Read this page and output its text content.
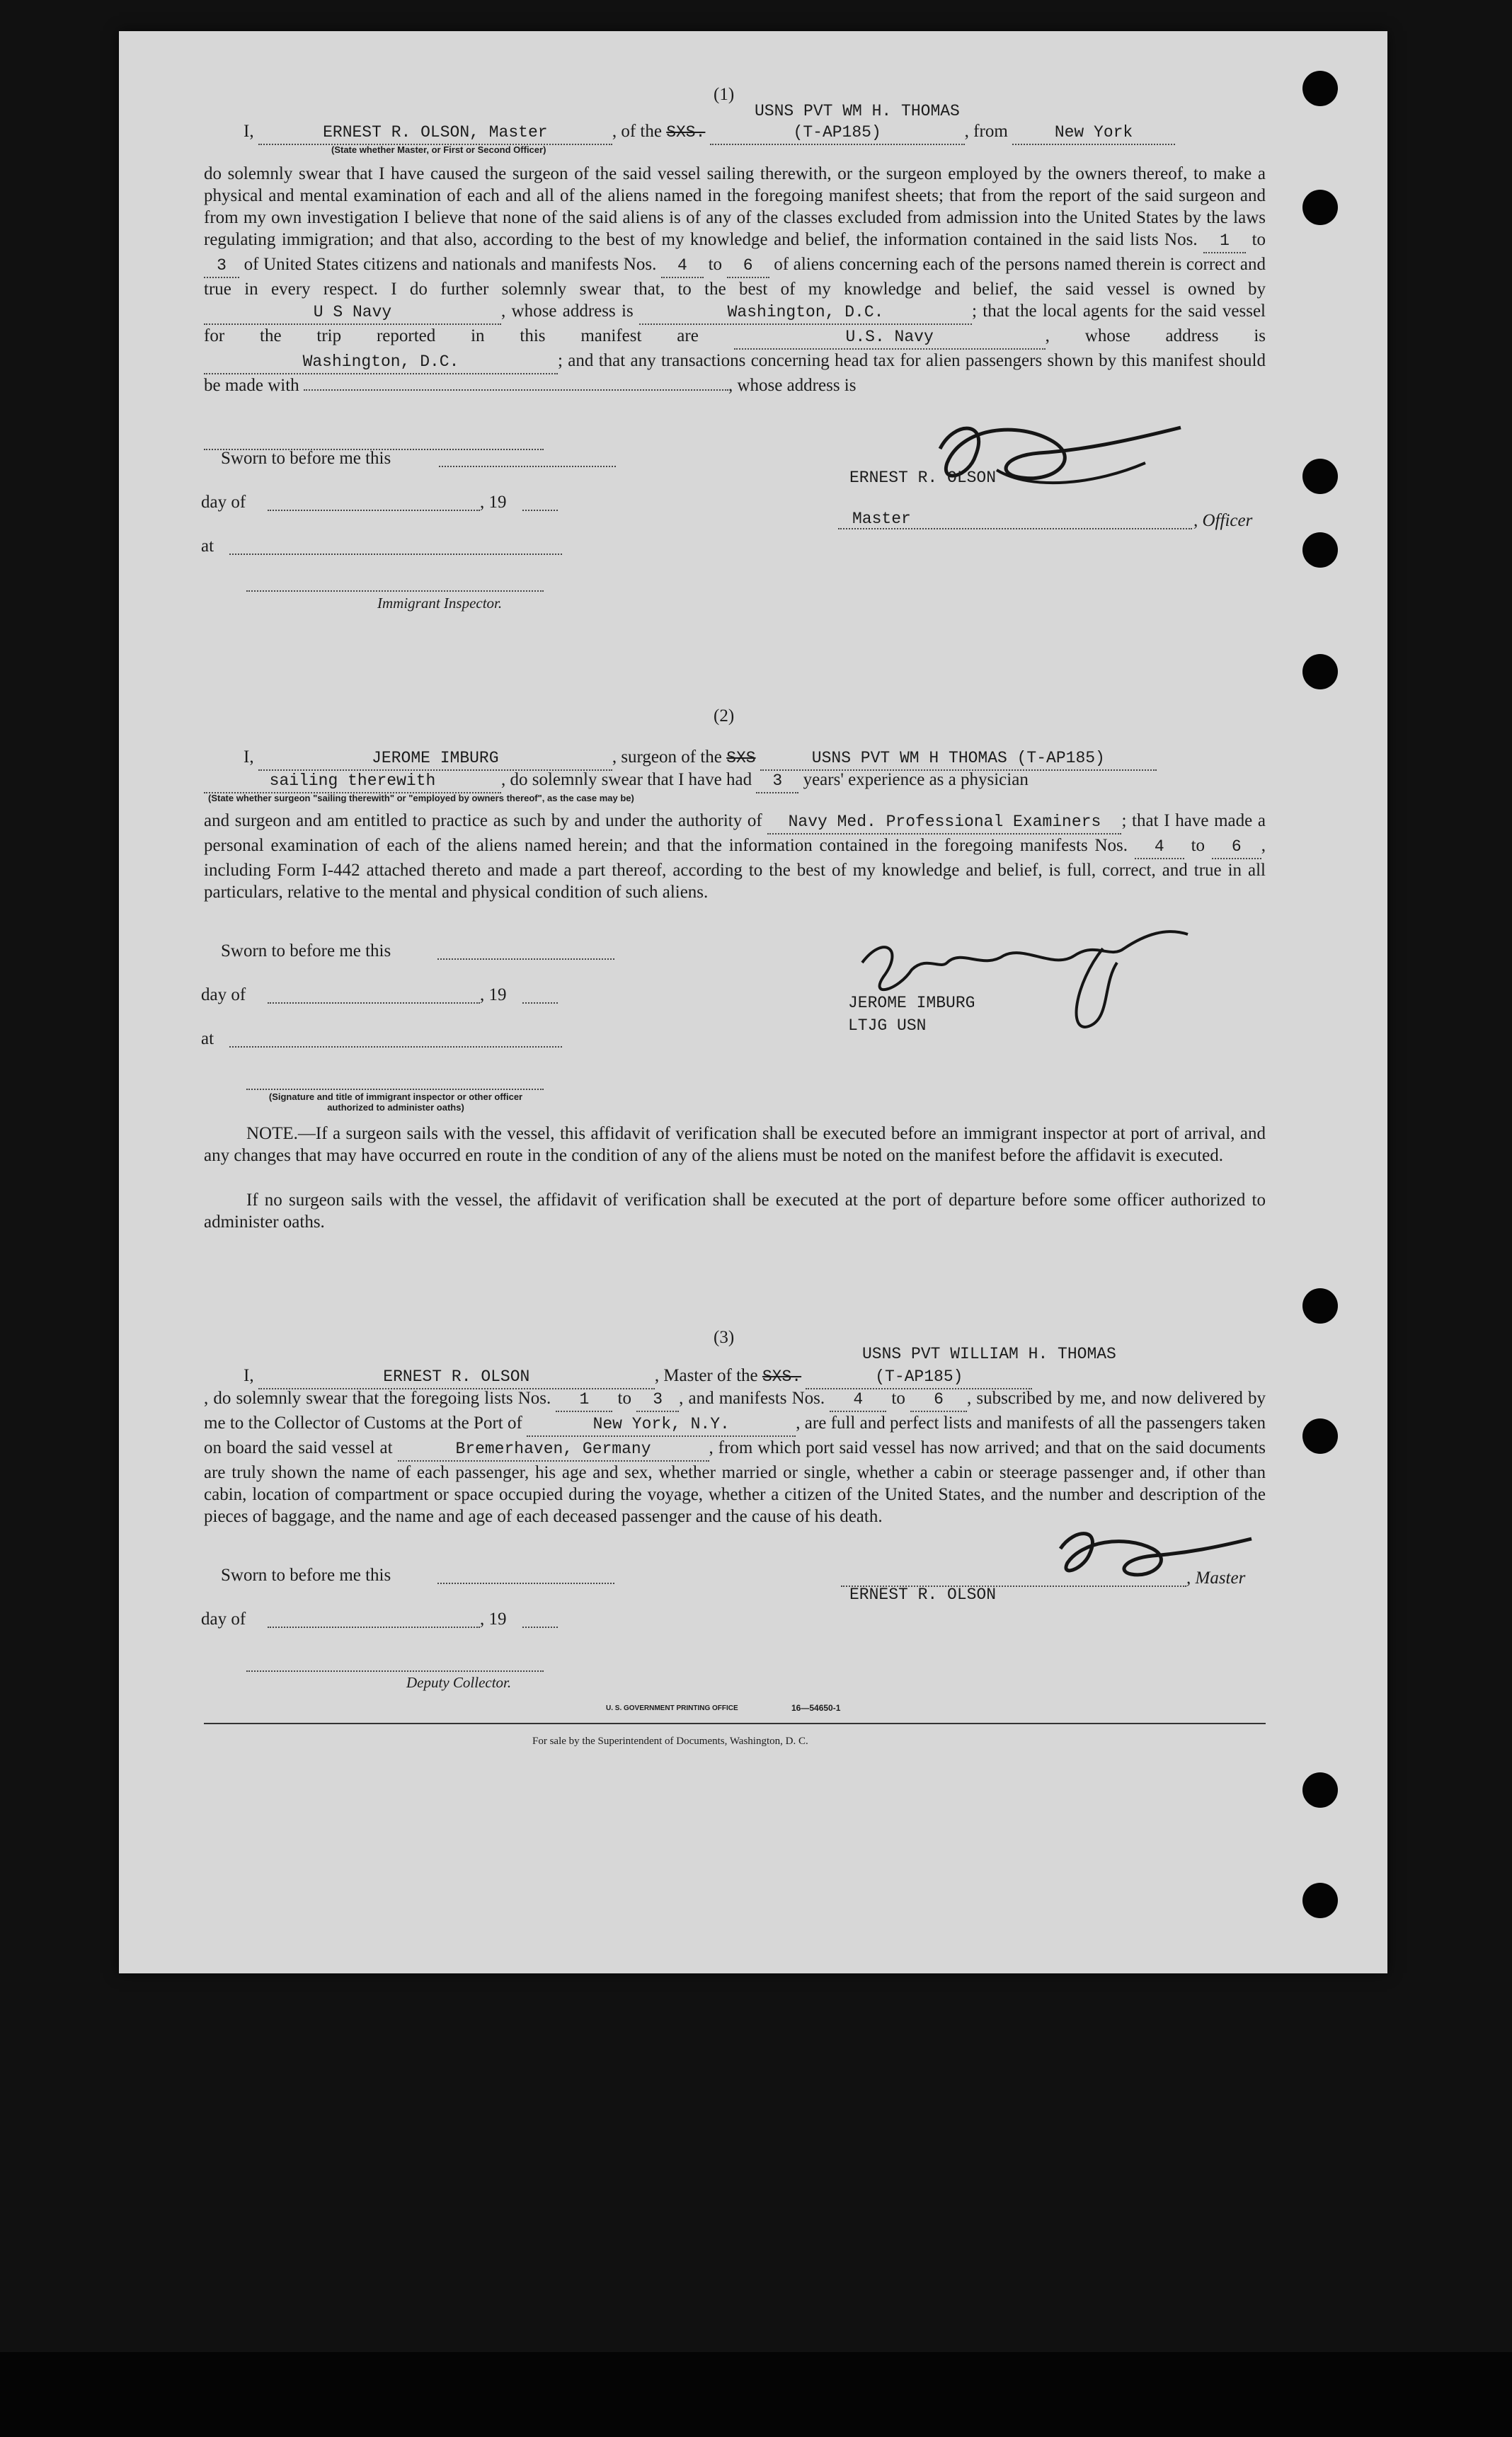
(1)
USNS PVT WM H. THOMAS
I,	ERNEST R. OLSON, Master	, of the SXS.	(T-AP185)	, from	New York
(State whether Master, or First or Second Officer)
do solemnly swear that I have caused the surgeon of the said vessel sailing therewith, or the surgeon employed by the owners thereof, to make a physical and mental examination of each and all of the aliens named in the foregoing manifest sheets; that from the report of the said surgeon and from my own investigation I believe that none of the said aliens is of any of the classes excluded from admission into the United States by the laws regulating immigration; and that also, according to the best of my knowledge and belief, the information contained in the said lists Nos. 1 to 3 of United States citizens and nationals and manifests Nos. 4 to 6 of aliens concerning each of the persons named therein is correct and true in every respect. I do further solemnly swear that, to the best of my knowledge and belief, the said vessel is owned by U S Navy	, whose address is	Washington, D.C.	; that the local agents for the said vessel for the trip reported in this manifest are	U.S. Navy	, whose address is Washington, D.C.	; and that any transactions concerning head tax for alien passengers shown by this manifest should be made with	, whose address is
Sworn to before me this
day of	, 19
at
Immigrant Inspector.
ERNEST R. OLSON
Master	, Officer
(2)
I,	JEROME IMBURG	, surgeon of the SXS	USNS PVT WM H THOMAS (T-AP185)
sailing therewith	, do solemnly swear that I have had 3 years' experience as a physician
(State whether surgeon "sailing therewith" or "employed by owners thereof", as the case may be)
and surgeon and am entitled to practice as such by and under the authority of Navy Med. Professional Examiners ; that I have made a personal examination of each of the aliens named herein; and that the information contained in the foregoing manifests Nos. 4 to 6 , including Form I-442 attached thereto and made a part thereof, according to the best of my knowledge and belief, is full, correct, and true in all particulars, relative to the mental and physical condition of such aliens.
Sworn to before me this
day of	, 19
at
(Signature and title of immigrant inspector or other officer authorized to administer oaths)
JEROME IMBURG
LTJG USN
NOTE.—If a surgeon sails with the vessel, this affidavit of verification shall be executed before an immigrant inspector at port of arrival, and any changes that may have occurred en route in the condition of any of the aliens must be noted on the manifest before the affidavit is executed.
If no surgeon sails with the vessel, the affidavit of verification shall be executed at the port of departure before some officer authorized to administer oaths.
USNS PVT WILLIAM H. THOMAS
(3)
I,	ERNEST R. OLSON	, Master of the SXS.	(T-AP185)
, do solemnly swear that the foregoing lists Nos. 1 to 3 , and manifests Nos. 4 to 6 , subscribed by me, and now delivered by me to the Collector of Customs at the Port of	New York, N.Y.	, are full and perfect lists and manifests of all the passengers taken on board the said vessel at	Bremerhaven, Germany	, from which port said vessel has now arrived; and that on the said documents are truly shown the name of each passenger, his age and sex, whether married or single, whether a cabin or steerage passenger and, if other than cabin, location of compartment or space occupied during the voyage, whether a citizen of the United States, and the number and description of the pieces of baggage, and the name and age of each deceased passenger and the cause of his death.
Sworn to before me this
day of	, 19
Deputy Collector.
, Master
ERNEST R. OLSON
U. S. GOVERNMENT PRINTING OFFICE	16—54650-1
For sale by the Superintendent of Documents, Washington, D. C.
